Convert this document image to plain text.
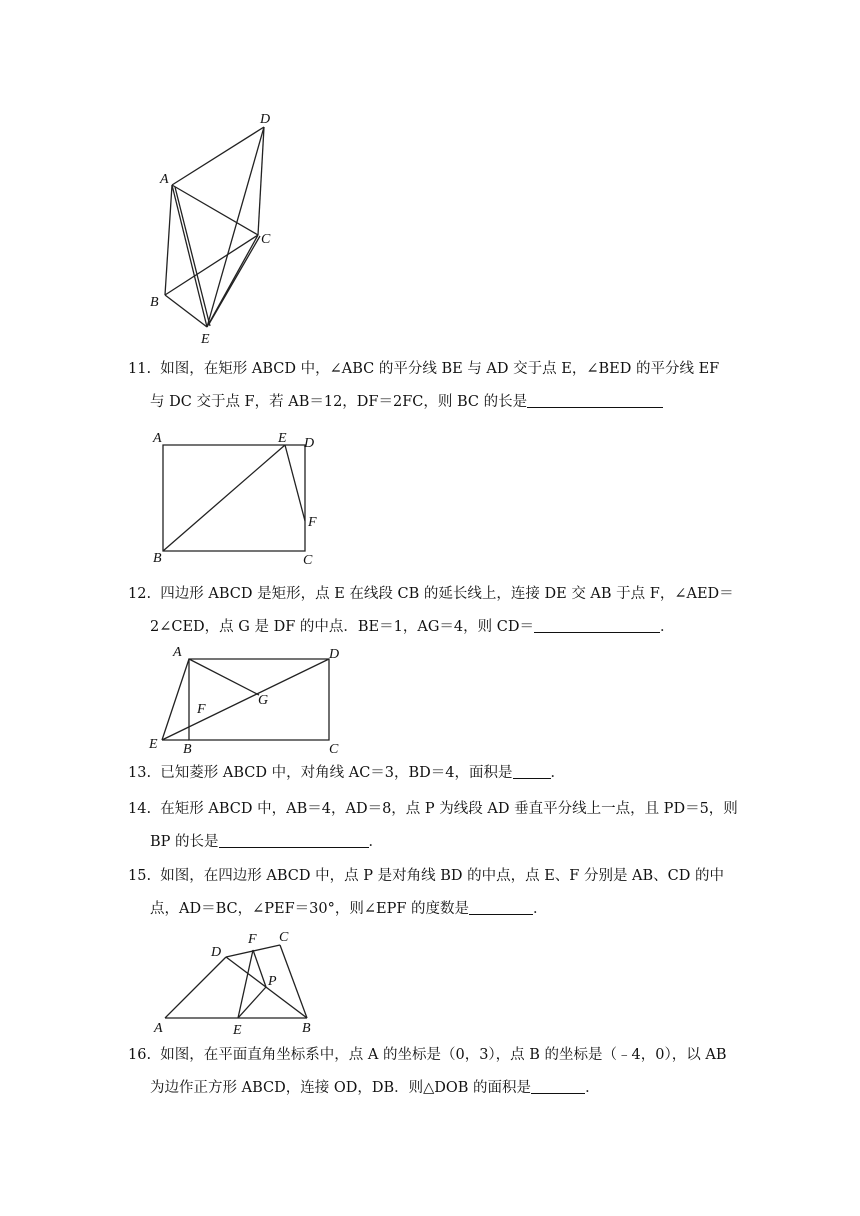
D
A
C
B
E
11. 如图，在矩形 ABCD 中，∠ABC 的平分线 BE 与 AD 交于点 E，∠BED 的平分线 EF 与 DC 交于点 F，若 AB＝12，DF＝2FC，则 BC 的长是
A	E D
F
B	C
12. 四边形 ABCD 是矩形，点 E 在线段 CB 的延长线上，连接 DE 交 AB 于点 F，∠AED＝2∠CED，点 G 是 DF 的中点．BE＝1，AG＝4，则 CD＝	．
A	D
F
G
E B	C
13. 已知菱形 ABCD 中，对角线 AC＝3，BD＝4，面积是	．
14. 在矩形 ABCD 中，AB＝4，AD＝8，点 P 为线段 AD 垂直平分线上一点，且 PD＝5，则 BP 的长是	．
15. 如图，在四边形 ABCD 中，点 P 是对角线 BD 的中点，点 E、F 分别是 AB、CD 的中点，AD＝BC，∠PEF＝30°，则∠EPF 的度数是	．
D
F C
P
A	E	B
16. 如图，在平面直角坐标系中，点 A 的坐标是（0，3），点 B 的坐标是（﹣4，0），以 AB 为边作正方形 ABCD，连接 OD，DB．则△DOB 的面积是	．
